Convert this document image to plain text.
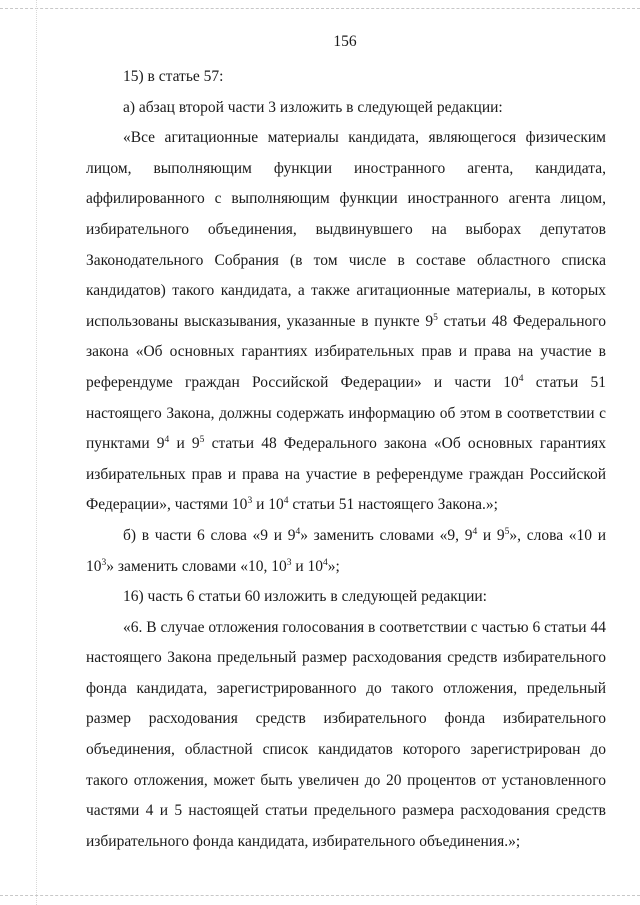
156

15) в статье 57:

а) абзац второй части 3 изложить в следующей редакции:

«Все агитационные материалы кандидата, являющегося физическим лицом, выполняющим функции иностранного агента, кандидата, аффилированного с выполняющим функции иностранного агента лицом, избирательного объединения, выдвинувшего на выборах депутатов Законодательного Собрания (в том числе в составе областного списка кандидатов) такого кандидата, а также агитационные материалы, в которых использованы высказывания, указанные в пункте $9^5$ статьи 48 Федерального закона «Об основных гарантиях избирательных прав и права на участие в референдуме граждан Российской Федерации» и части $10^4$ статьи 51 настоящего Закона, должны содержать информацию об этом в соответствии с пунктами $9^4$ и $9^5$ статьи 48 Федерального закона «Об основных гарантиях избирательных прав и права на участие в референдуме граждан Российской Федерации», частями $10^3$ и $10^4$ статьи 51 настоящего Закона.»;

б) в части 6 слова «9 и $9^4$» заменить словами «9, $9^4$ и $9^5$», слова «10 и $10^3$» заменить словами «10, $10^3$ и $10^4$»;

16) часть 6 статьи 60 изложить в следующей редакции:

«6. В случае отложения голосования в соответствии с частью 6 статьи 44 настоящего Закона предельный размер расходования средств избирательного фонда кандидата, зарегистрированного до такого отложения, предельный размер расходования средств избирательного фонда избирательного объединения, областной список кандидатов которого зарегистрирован до такого отложения, может быть увеличен до 20 процентов от установленного частями 4 и 5 настоящей статьи предельного размера расходования средств избирательного фонда кандидата, избирательного объединения.»;
